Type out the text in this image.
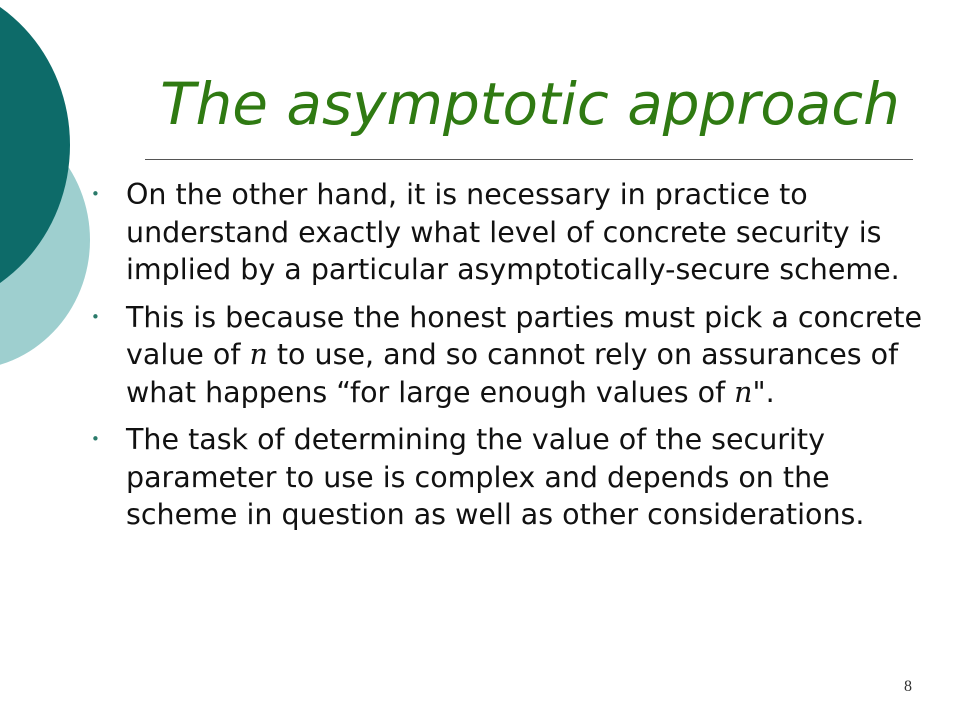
The asymptotic approach
• On the other hand, it is necessary in practice to understand exactly what level of concrete security is implied by a particular asymptotically-secure scheme.
• This is because the honest parties must pick a concrete value of n to use, and so cannot rely on assurances of what happens “for large enough values of n".
• The task of determining the value of the security parameter to use is complex and depends on the scheme in question as well as other considerations.
8
